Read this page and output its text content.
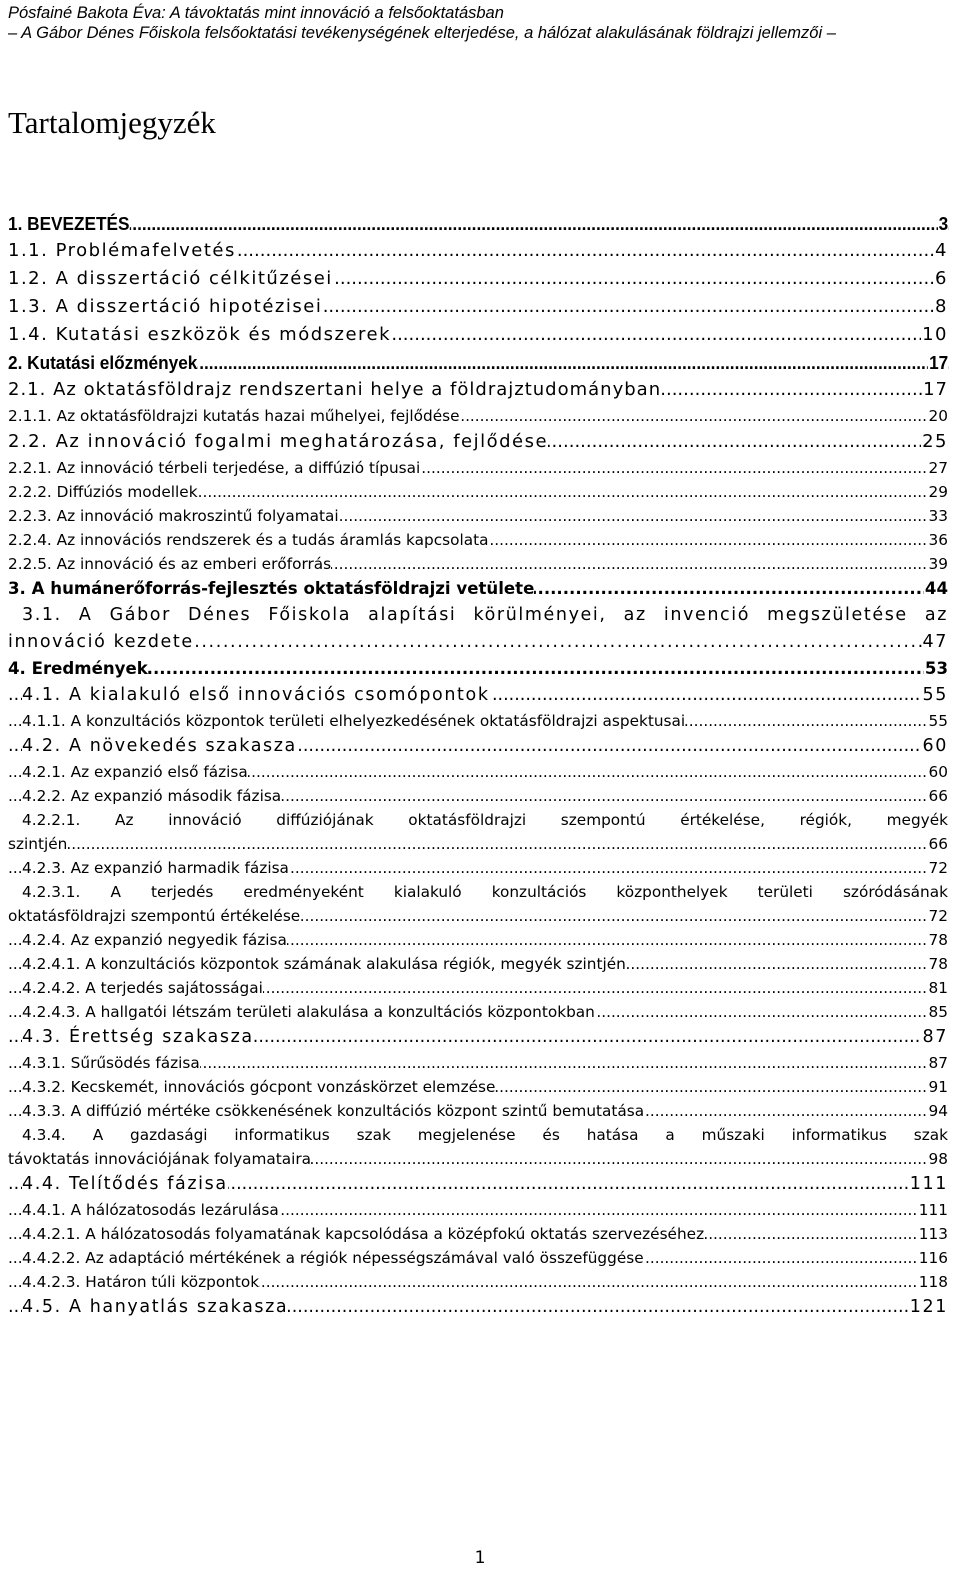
Pósfainé Bakota Éva: A távoktatás mint innováció a felsőoktatásban
– A Gábor Dénes Főiskola felsőoktatási tevékenységének elterjedése, a hálózat alakulásának földrajzi jellemzői –
Tartalomjegyzék
..... 1. BEVEZETÉS	3
..... 1.1. Problémafelvetés	4
..... 1.2. A disszertáció célkitűzései	6
..... 1.3. A disszertáció hipotézisei	8
..... 1.4. Kutatási eszközök és módszerek	10
..... 2. Kutatási előzmények	17
..... 2.1. Az oktatásföldrajz rendszertani helye a földrajztudományban	17
..... 2.1.1. Az oktatásföldrajzi kutatás hazai műhelyei, fejlődése	20
..... 2.2. Az innováció fogalmi meghatározása, fejlődése	25
..... 2.2.1. Az innováció térbeli terjedése, a diffúzió típusai	27
..... 2.2.2. Diffúziós modellek	29
..... 2.2.3. Az innováció makroszintű folyamatai	33
..... 2.2.4. Az innovációs rendszerek és a tudás áramlás kapcsolata	36
..... 2.2.5. Az innováció és az emberi erőforrás	39
..... 3. A humánerőforrás-fejlesztés oktatásföldrajzi vetülete	44
3.1. A Gábor Dénes Főiskola alapítási körülményei, az invenció megszületése az
..... innováció kezdete	47
..... 4. Eredmények	53
..... 4.1. A kialakuló első innovációs csomópontok	55
..... 4.1.1. A konzultációs központok területi elhelyezkedésének oktatásföldrajzi aspektusai	55
..... 4.2. A növekedés szakasza	60
..... 4.2.1. Az expanzió első fázisa	60
..... 4.2.2. Az expanzió második fázisa	66
4.2.2.1. Az innováció diffúziójának oktatásföldrajzi szempontú értékelése, régiók, megyék
..... szintjén	66
..... 4.2.3. Az expanzió harmadik fázisa	72
4.2.3.1. A terjedés eredményeként kialakuló konzultációs központhelyek területi szóródásának
..... oktatásföldrajzi szempontú értékelése	72
..... 4.2.4. Az expanzió negyedik fázisa	78
..... 4.2.4.1. A konzultációs központok számának alakulása régiók, megyék szintjén	78
..... 4.2.4.2. A terjedés sajátosságai	81
..... 4.2.4.3. A hallgatói létszám területi alakulása a konzultációs központokban	85
..... 4.3. Érettség szakasza	87
..... 4.3.1. Sűrűsödés fázisa	87
..... 4.3.2. Kecskemét, innovációs gócpont vonzáskörzet elemzése	91
..... 4.3.3. A diffúzió mértéke csökkenésének konzultációs központ szintű bemutatása	94
4.3.4. A gazdasági informatikus szak megjelenése és hatása a műszaki informatikus szak
..... távoktatás innovációjának folyamataira	98
..... 4.4. Telítődés fázisa	111
..... 4.4.1. A hálózatosodás lezárulása	111
..... 4.4.2.1. A hálózatosodás folyamatának kapcsolódása a középfokú oktatás szervezéséhez	113
..... 4.4.2.2. Az adaptáció mértékének a régiók népességszámával való összefüggése	116
..... 4.4.2.3. Határon túli központok	118
..... 4.5. A hanyatlás szakasza	121
1
